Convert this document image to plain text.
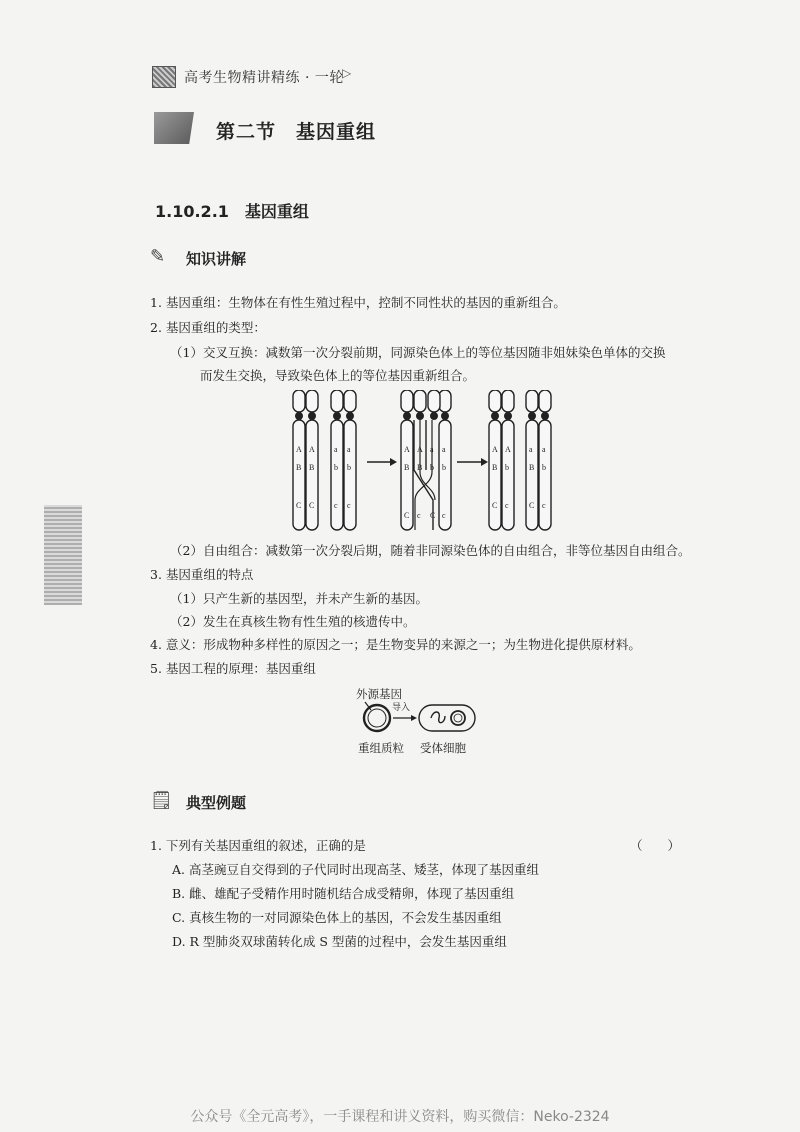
高考生物精讲精练 · 一轮
▷
第二节　基因重组
1.10.2.1　基因重组
✎ 知识讲解
1. 基因重组：生物体在有性生殖过程中，控制不同性状的基因的重新组合。
2. 基因重组的类型：
（1）交叉互换：减数第一次分裂前期，同源染色体上的等位基因随非姐妹染色单体的交换
而发生交换，导致染色体上的等位基因重新组合。
A A a a
B B b b
C C c c
A A a a
B b	B b
C c	C c
A A a a
B B b b
C c C c
（2）自由组合：减数第一次分裂后期，随着非同源染色体的自由组合，非等位基因自由组合。
3. 基因重组的特点
（1）只产生新的基因型，并未产生新的基因。
（2）发生在真核生物有性生殖的核遗传中。
4. 意义：形成物种多样性的原因之一；是生物变异的来源之一；为生物进化提供原材料。
5. 基因工程的原理：基因重组
外源基因
导入
重组质粒 受体细胞
🗒 典型例题
1. 下列有关基因重组的叙述，正确的是	（　　）
A. 高茎豌豆自交得到的子代同时出现高茎、矮茎，体现了基因重组
B. 雌、雄配子受精作用时随机结合成受精卵，体现了基因重组
C. 真核生物的一对同源染色体上的基因，不会发生基因重组
D. R 型肺炎双球菌转化成 S 型菌的过程中，会发生基因重组
公众号《全元高考》，一手课程和讲义资料，购买微信：Neko-2324
